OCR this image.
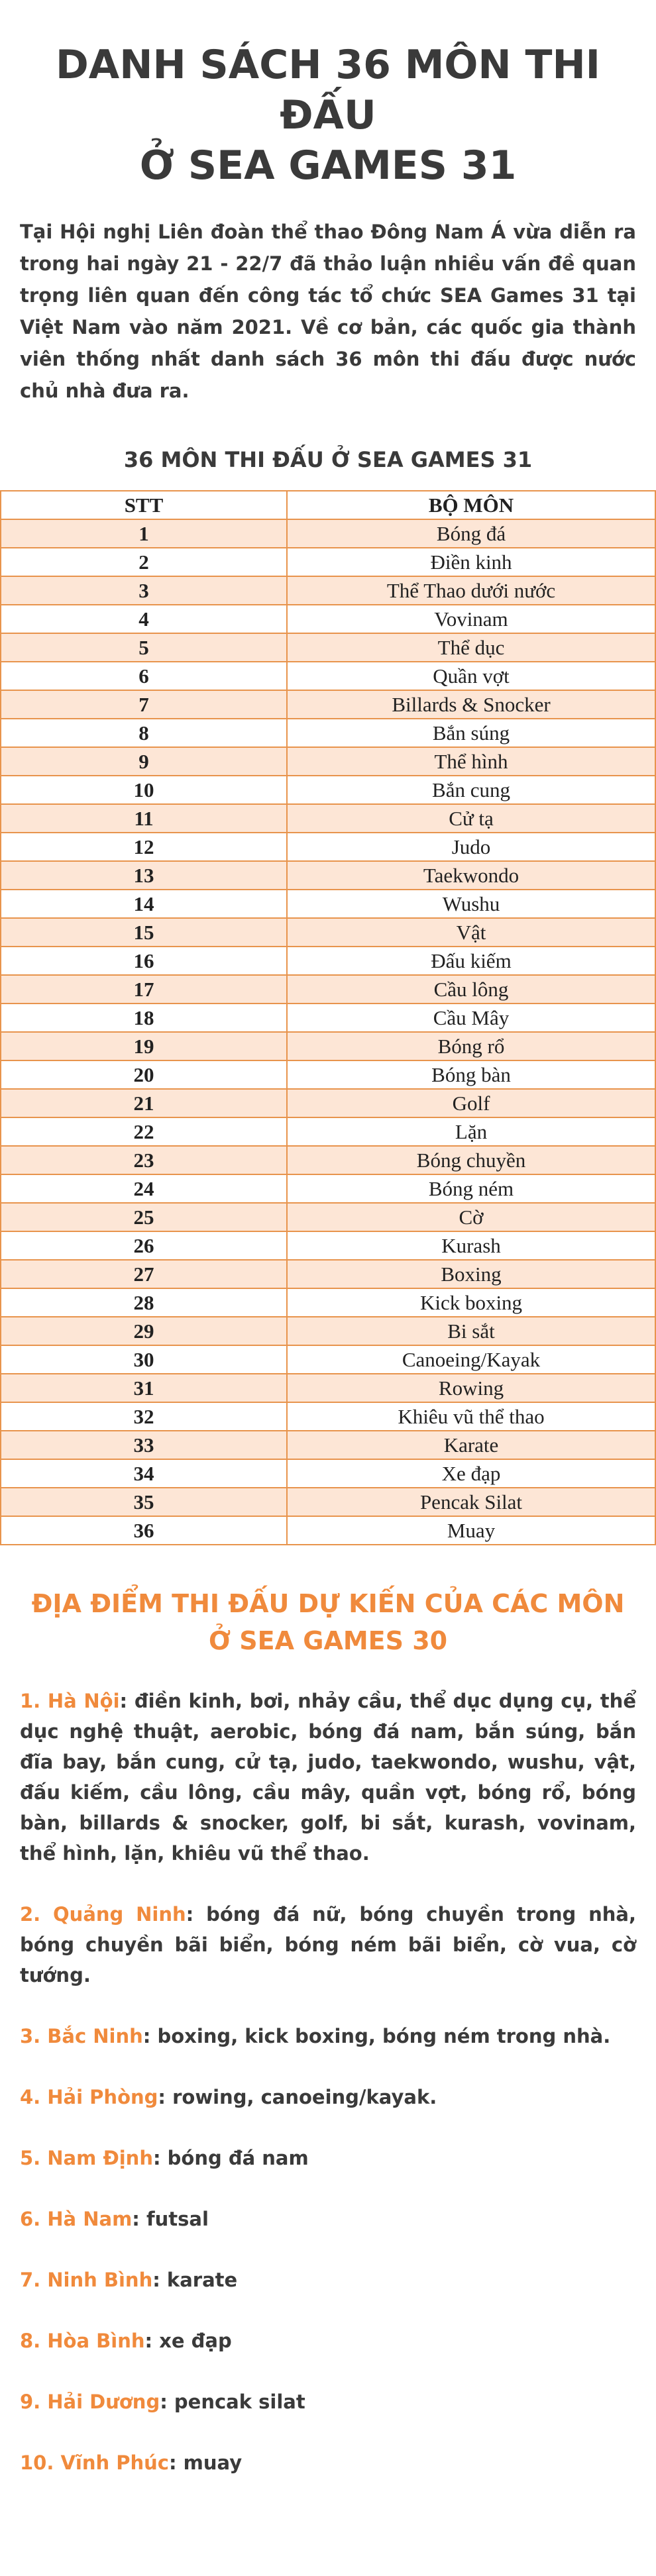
DANH SÁCH 36 MÔN THI ĐẤU
Ở SEA GAMES 31

Tại Hội nghị Liên đoàn thể thao Đông Nam Á vừa diễn ra trong hai ngày 21 - 22/7 đã thảo luận nhiều vấn đề quan trọng liên quan đến công tác tổ chức SEA Games 31 tại Việt Nam vào năm 2021. Về cơ bản, các quốc gia thành viên thống nhất danh sách 36 môn thi đấu được nước chủ nhà đưa ra.

36 MÔN THI ĐẤU Ở SEA GAMES 31
STT	BỘ MÔN
1	Bóng đá
2	Điền kinh
3	Thể Thao dưới nước
4	Vovinam
5	Thể dục
6	Quần vợt
7	Billards & Snocker
8	Bắn súng
9	Thể hình
10	Bắn cung
11	Cử tạ
12	Judo
13	Taekwondo
14	Wushu
15	Vật
16	Đấu kiếm
17	Cầu lông
18	Cầu Mây
19	Bóng rổ
20	Bóng bàn
21	Golf
22	Lặn
23	Bóng chuyền
24	Bóng ném
25	Cờ
26	Kurash
27	Boxing
28	Kick boxing
29	Bi sắt
30	Canoeing/Kayak
31	Rowing
32	Khiêu vũ thể thao
33	Karate
34	Xe đạp
35	Pencak Silat
36	Muay
ĐỊA ĐIỂM THI ĐẤU DỰ KIẾN CỦA CÁC MÔN Ở SEA GAMES 30

1. Hà Nội: điền kinh, bơi, nhảy cầu, thể dục dụng cụ, thể dục nghệ thuật, aerobic, bóng đá nam, bắn súng, bắn đĩa bay, bắn cung, cử tạ, judo, taekwondo, wushu, vật, đấu kiếm, cầu lông, cầu mây, quần vợt, bóng rổ, bóng bàn, billards & snocker, golf, bi sắt, kurash, vovinam, thể hình, lặn, khiêu vũ thể thao.

2. Quảng Ninh: bóng đá nữ, bóng chuyền trong nhà, bóng chuyền bãi biển, bóng ném bãi biển, cờ vua, cờ tướng.

3. Bắc Ninh: boxing, kick boxing, bóng ném trong nhà.

4. Hải Phòng: rowing, canoeing/kayak.

5. Nam Định: bóng đá nam

6. Hà Nam: futsal

7. Ninh Bình: karate

8. Hòa Bình: xe đạp

9. Hải Dương: pencak silat

10. Vĩnh Phúc: muay
